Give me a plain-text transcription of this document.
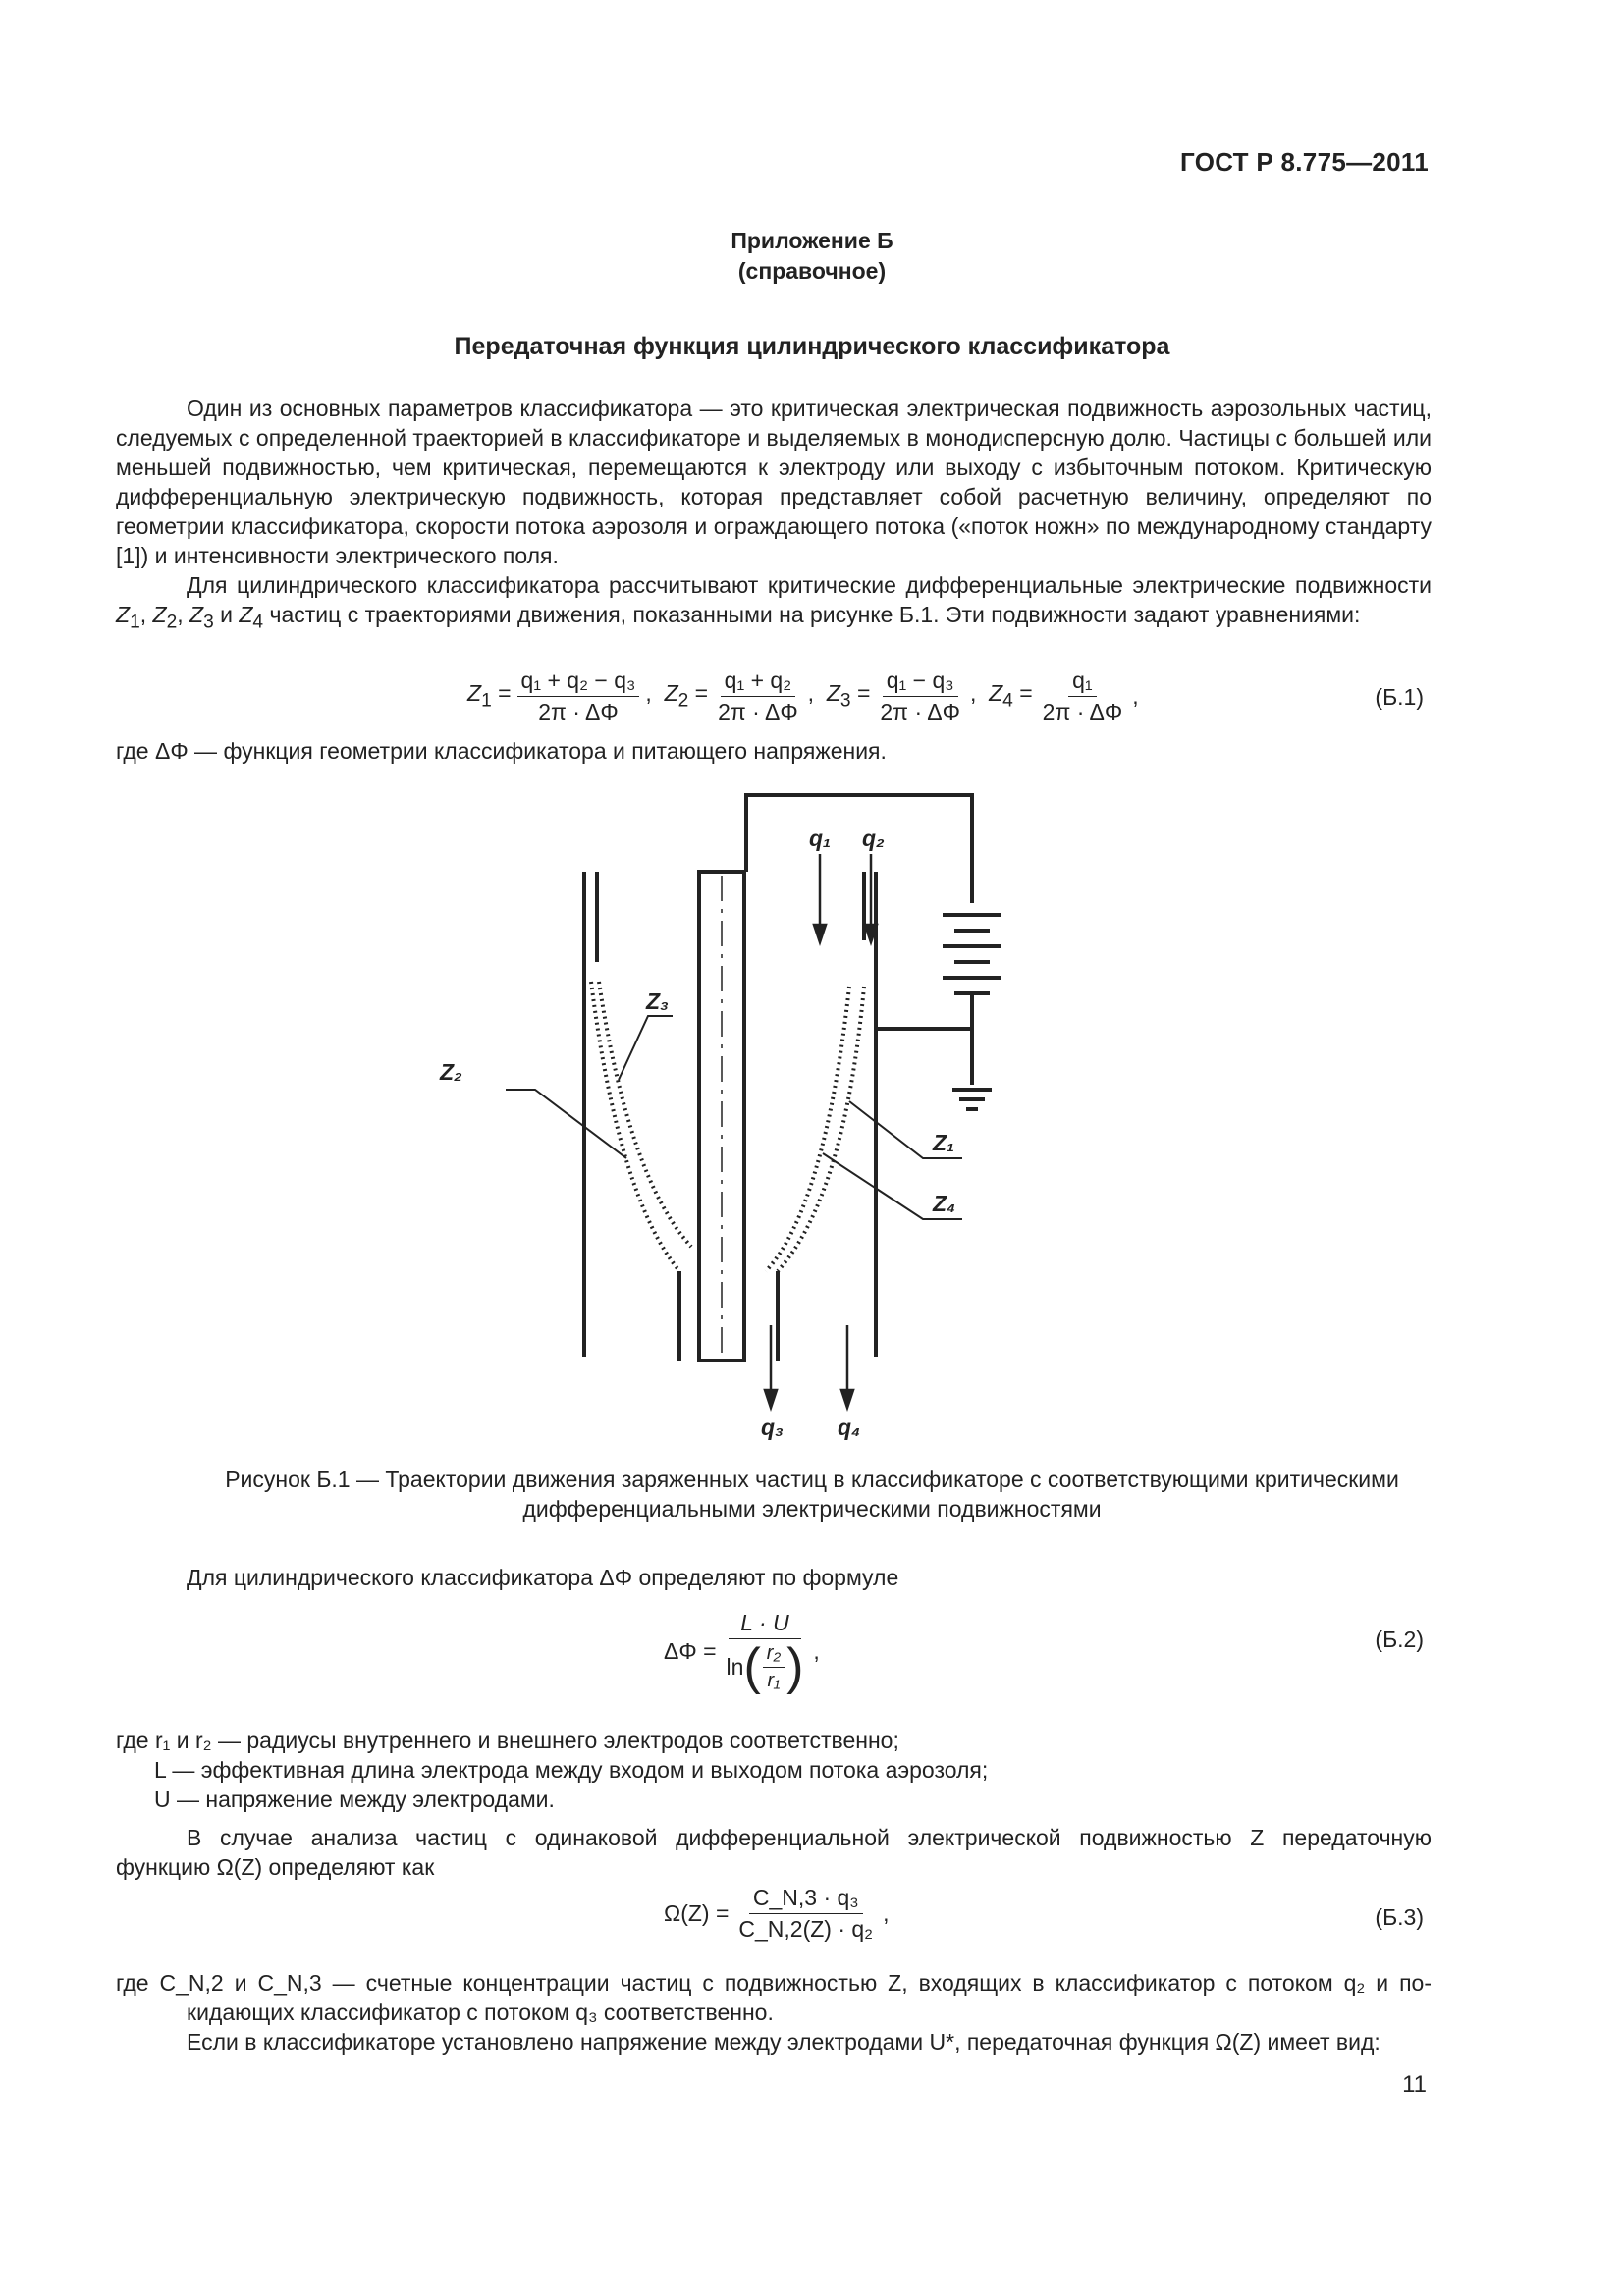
ГОСТ Р 8.775—2011
Приложение Б
(справочное)
Передаточная функция цилиндрического классификатора
Один из основных параметров классификатора — это критическая электрическая подвижность аэрозольных частиц, следуемых с определенной траекторией в классификаторе и выделяемых в монодисперсную долю. Частицы с большей или меньшей подвижностью, чем критическая, перемещаются к электроду или выходу с избыточным потоком. Критическую дифференциальную электрическую подвижность, которая представляет собой расчетную величину, определяют по геометрии классификатора, скорости потока аэрозоля и ограждающего потока («поток ножн» по международному стандарту [1]) и интенсивности электрического поля.
Для цилиндрического классификатора рассчитывают критические дифференциальные электрические подвижности $Z_1$, $Z_2$, $Z_3$ и $Z_4$ частиц с траекториями движения, показанными на рисунке Б.1. Эти подвижности задают уравнениями:
$Z_1 = \frac{\text{q₁ + q₂ − q₃}}{2\pi \cdot \Delta\Phi}$ ,  $Z_2 = \frac{\text{q₁ + q₂}}{2\pi \cdot \Delta\Phi}$ ,  $Z_3 = \frac{\text{q₁ − q₃}}{2\pi \cdot \Delta\Phi}$ ,  $Z_4 = \frac{\text{q₁}}{2\pi \cdot \Delta\Phi}$ ,	(Б.1)
где ΔΦ — функция геометрии классификатора и питающего напряжения.
q₁ q₂
q₃ q₄
Z₂
Z₃
Z₁
Z₄
Рисунок Б.1 — Траектории движения заряженных частиц в классификаторе с соответствующими критическими
дифференциальными электрическими подвижностями
Для цилиндрического классификатора ΔΦ определяют по формуле
$\Delta\Phi = \frac{L \cdot U}{\ln ( \frac{\text{r₂}}{\text{r₁}} )}$ ,	(Б.2)
где r₁ и r₂ — радиусы внутреннего и внешнего электродов соответственно;
L — эффективная длина электрода между входом и выходом потока аэрозоля;
U — напряжение между электродами.
В случае анализа частиц с одинаковой дифференциальной электрической подвижностью Z передаточную
функцию Ω(Z) определяют как
$\Omega(Z) = \frac{\text{C\_N,3 · q₃}}{\text{C\_N,2(Z) · q₂}}$ ,	(Б.3)
где C_N,2 и C_N,3 — счетные концентрации частиц с подвижностью Z, входящих в классификатор с потоком q₂ и по-
кидающих классификатор с потоком q₃ соответственно.
Если в классификаторе установлено напряжение между электродами U*, передаточная функция Ω(Z) имеет вид:
11
